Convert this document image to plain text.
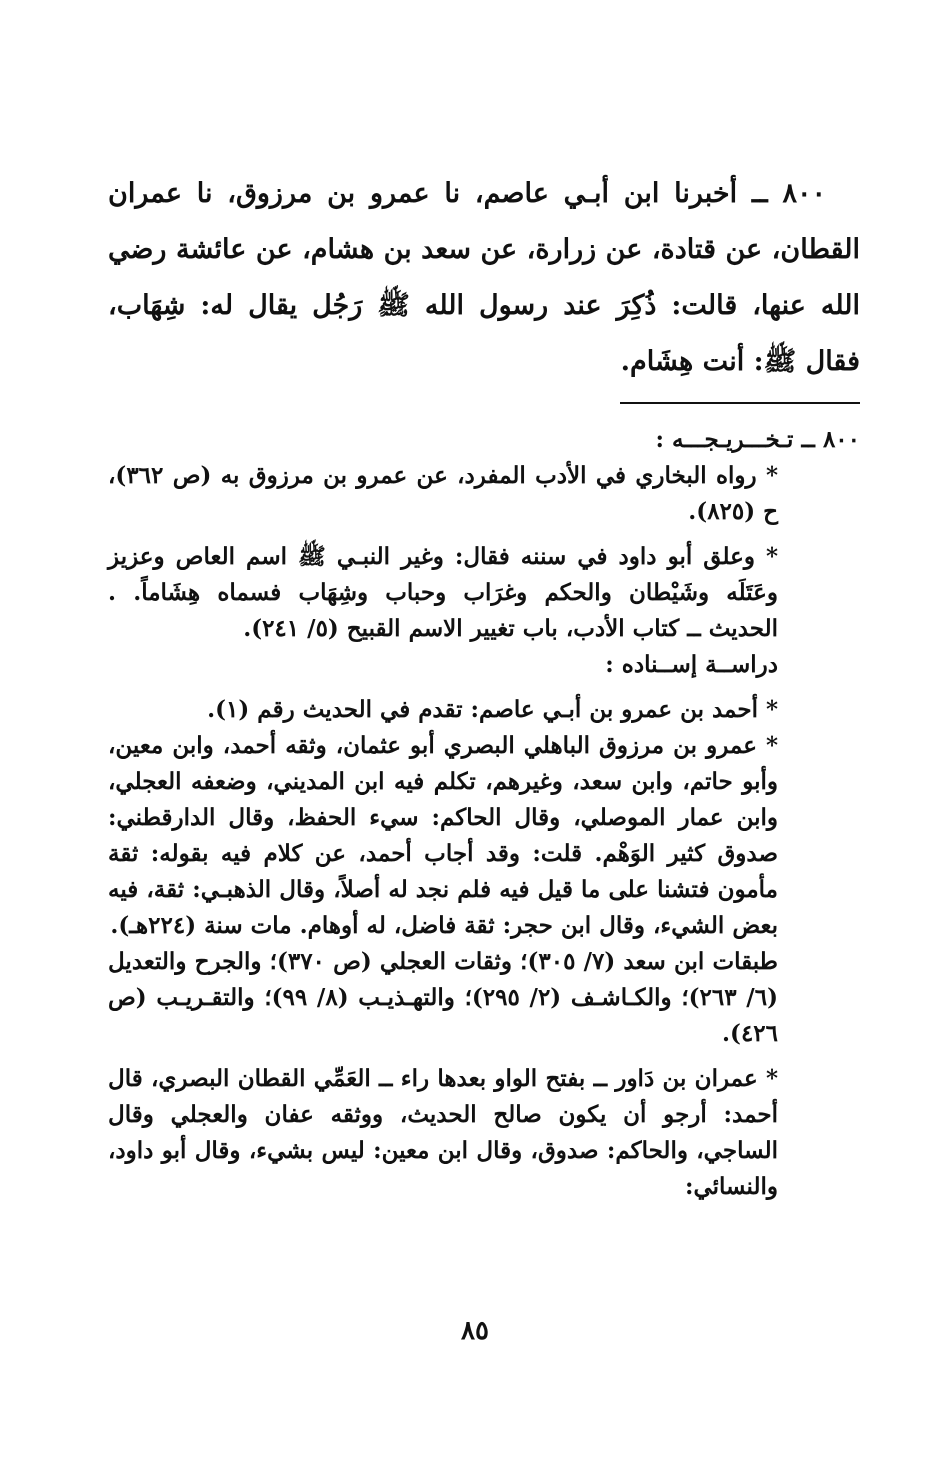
٨٠٠ ــ أخبرنا ابن أبـي عاصم، نا عمرو بن مرزوق، نا عمران القطان، عن قتادة، عن زرارة، عن سعد بن هشام، عن عائشة رضي الله عنها، قالت: ذُكِرَ عند رسول الله ﷺ رَجُل يقال له: شِهَاب، فقال ﷺ: أنت هِشَام.

٨٠٠ ــ تـخـــريـجـــه :

* رواه البخاري في الأدب المفرد، عن عمرو بن مرزوق به (ص ٣٦٢)، ح (٨٢٥).

* وعلق أبو داود في سننه فقال: وغير النبـي ﷺ اسم العاص وعزيز وعَتَلَه وشَيْطان والحكم وغرَاب وحباب وشِهَاب فسماه هِشَاماً. . الحديث ــ كتاب الأدب، باب تغيير الاسم القبيح (٥/ ٢٤١).

دراســة إســناده :

* أحمد بن عمرو بن أبـي عاصم: تقدم في الحديث رقم (١).

* عمرو بن مرزوق الباهلي البصري أبو عثمان، وثقه أحمد، وابن معين، وأبو حاتم، وابن سعد، وغيرهم، تكلم فيه ابن المديني، وضعفه العجلي، وابن عمار الموصلي، وقال الحاكم: سيء الحفظ، وقال الدارقطني: صدوق كثير الوَهْم. قلت: وقد أجاب أحمد، عن كلام فيه بقوله: ثقة مأمون فتشنا على ما قيل فيه فلم نجد له أصلاً، وقال الذهبـي: ثقة، فيه بعض الشيء، وقال ابن حجر: ثقة فاضل، له أوهام. مات سنة (٢٢٤هـ).

طبقات ابن سعد (٧/ ٣٠٥)؛ وثقات العجلي (ص ٣٧٠)؛ والجرح والتعديل (٦/ ٢٦٣)؛ والكـاشـف (٢/ ٢٩٥)؛ والتهـذيـب (٨/ ٩٩)؛ والتقـريـب (ص ٤٢٦).

* عمران بن دَاور ــ بفتح الواو بعدها راء ــ العَمِّي القطان البصري، قال أحمد: أرجو أن يكون صالح الحديث، ووثقه عفان والعجلي وقال الساجي، والحاكم: صدوق، وقال ابن معين: ليس بشيء، وقال أبو داود، والنسائي:

٨٥
